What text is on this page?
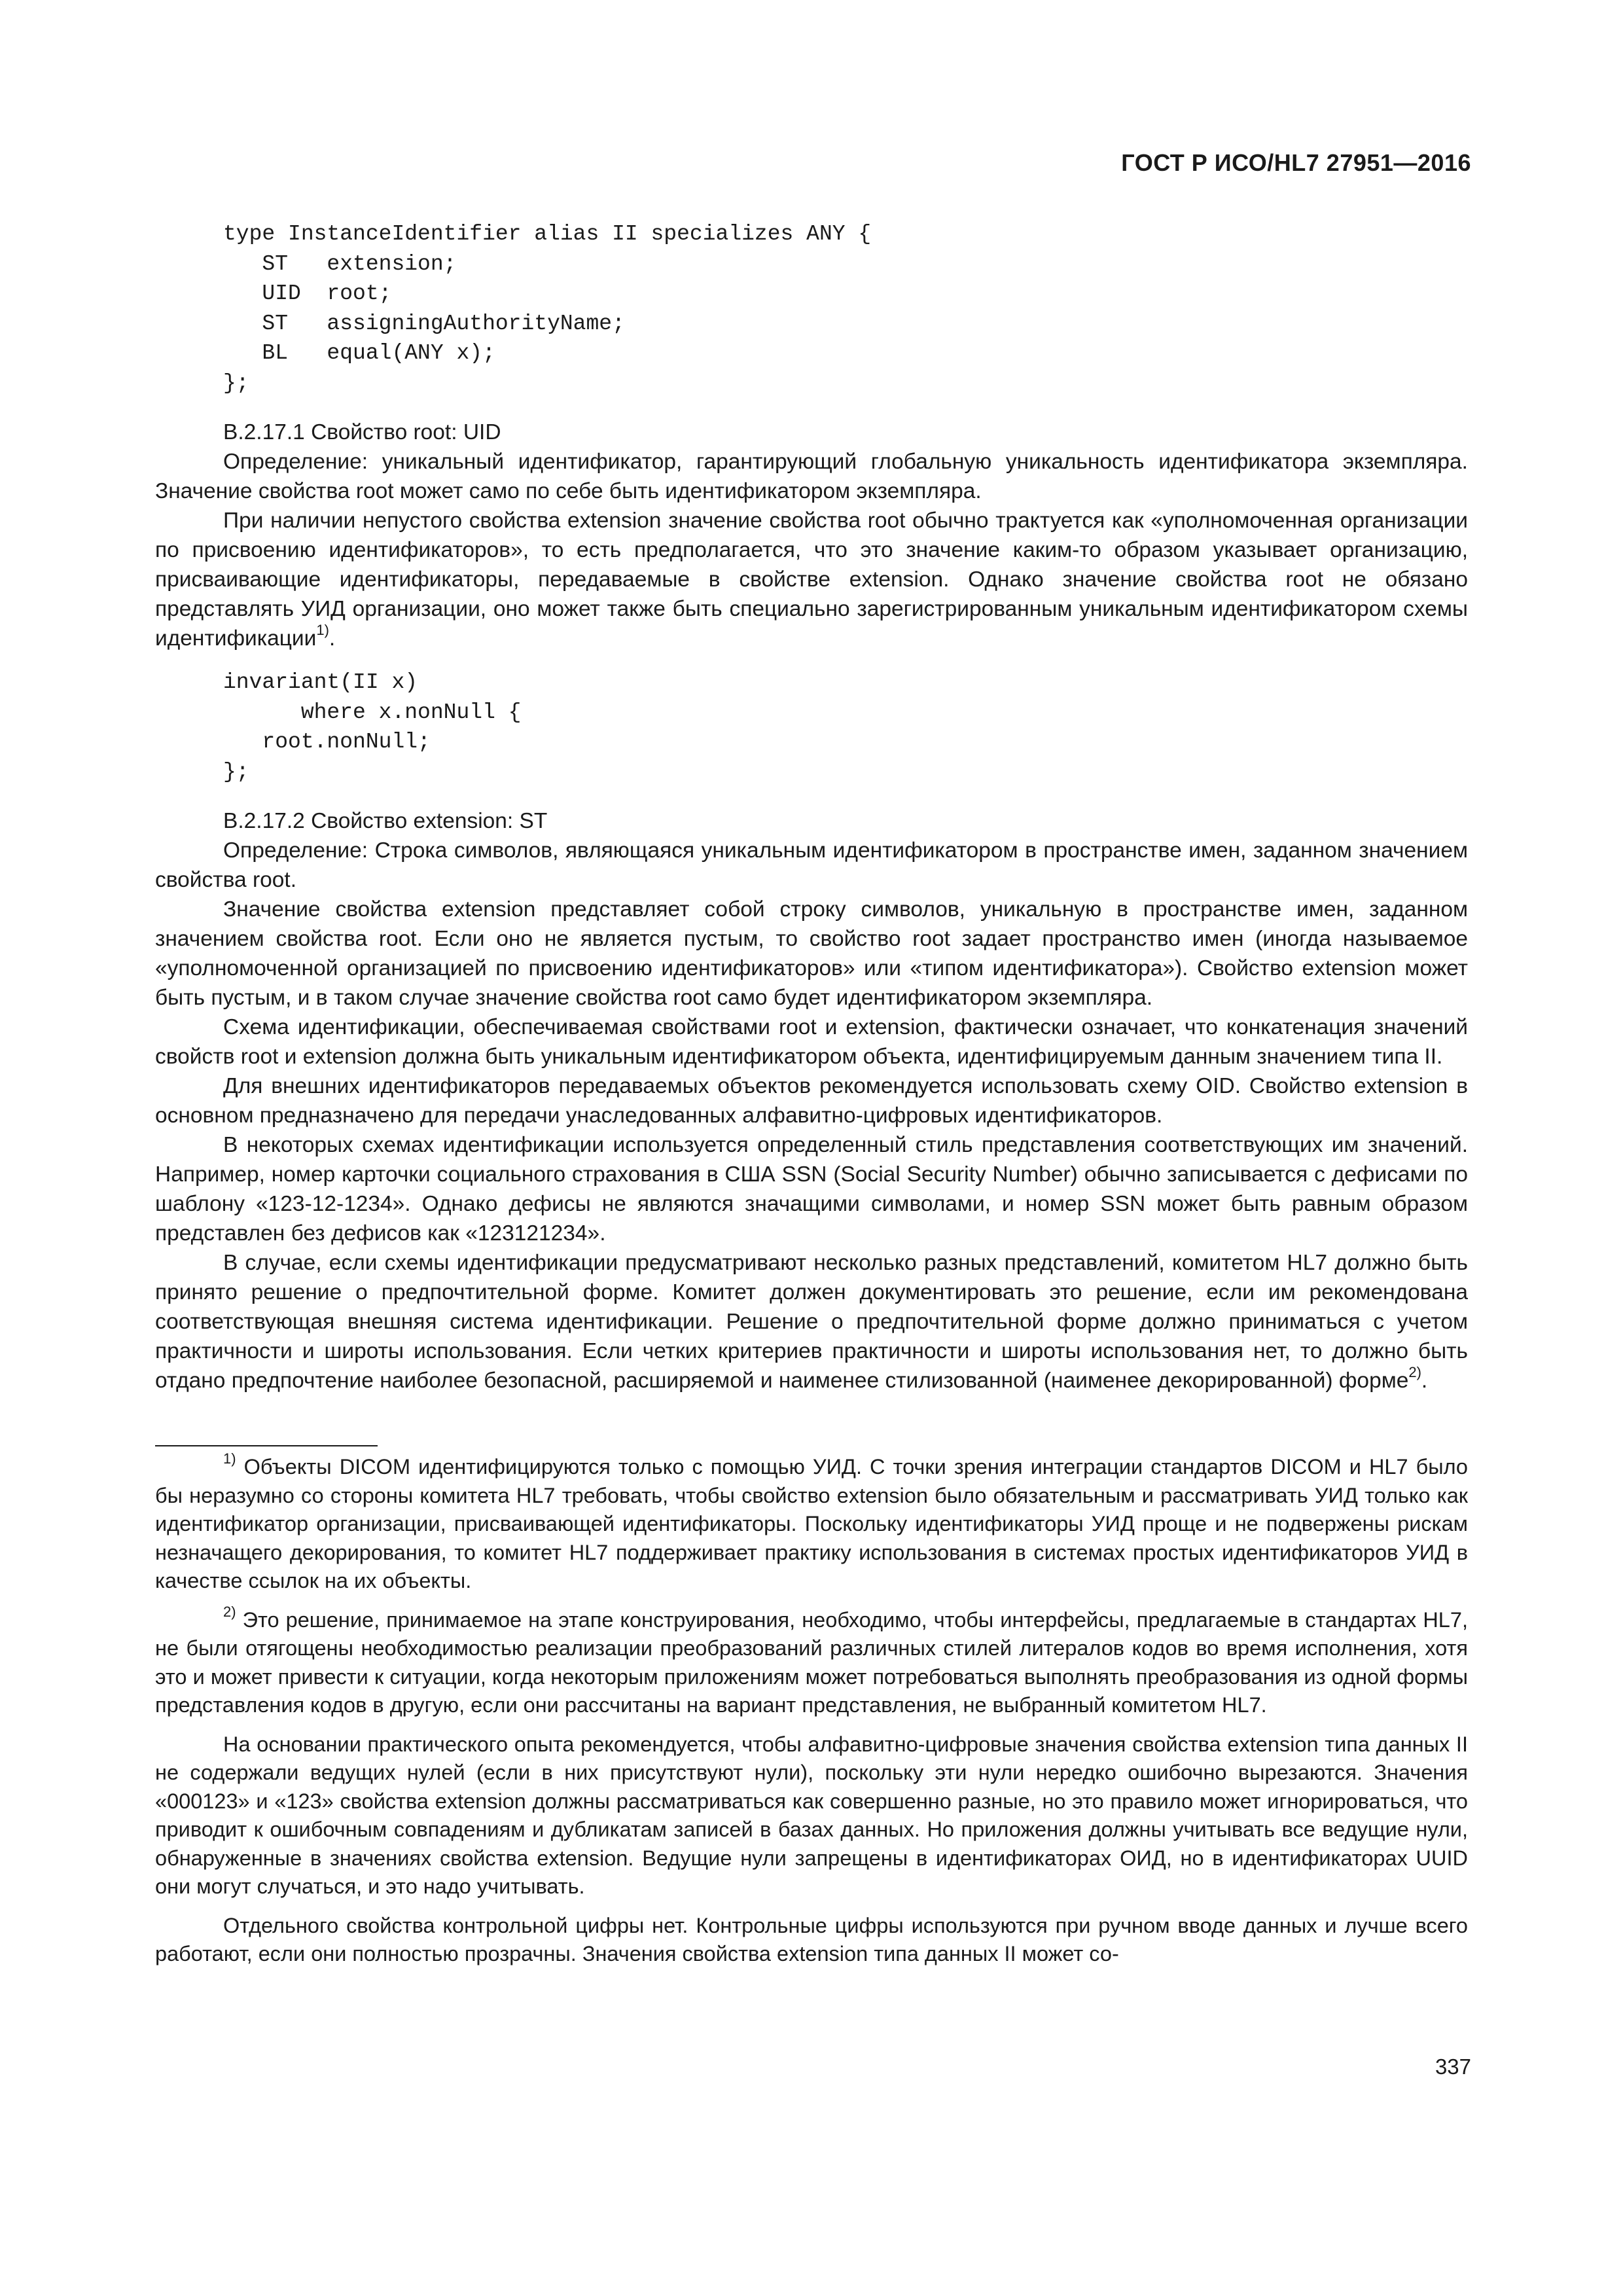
ГОСТ Р ИСО/HL7 27951—2016
type InstanceIdentifier alias II specializes ANY {
ST   extension;
UID  root;
ST   assigningAuthorityName;
BL   equal(ANY x);
};

B.2.17.1 Свойство root: UID

Определение: уникальный идентификатор, гарантирующий глобальную уникальность идентификатора экземпляра. Значение свойства root может само по себе быть идентификатором экземпляра.

При наличии непустого свойства extension значение свойства root обычно трактуется как «уполномоченная организации по присвоению идентификаторов», то есть предполагается, что это значение каким-то образом указывает организацию, присваивающие идентификаторы, передаваемые в свойстве extension. Однако значение свойства root не обязано представлять УИД организации, оно может также быть специально зарегистрированным уникальным идентификатором схемы идентификации$^{1)}$.

invariant(II x)
where x.nonNull {
root.nonNull;
};

B.2.17.2 Свойство extension: ST

Определение: Строка символов, являющаяся уникальным идентификатором в пространстве имен, заданном значением свойства root.

Значение свойства extension представляет собой строку символов, уникальную в пространстве имен, заданном значением свойства root. Если оно не является пустым, то свойство root задает пространство имен (иногда называемое «уполномоченной организацией по присвоению идентификаторов» или «типом идентификатора»). Свойство extension может быть пустым, и в таком случае значение свойства root само будет идентификатором экземпляра.

Схема идентификации, обеспечиваемая свойствами root и extension, фактически означает, что конкатенация значений свойств root и extension должна быть уникальным идентификатором объекта, идентифицируемым данным значением типа II.

Для внешних идентификаторов передаваемых объектов рекомендуется использовать схему OID. Свойство extension в основном предназначено для передачи унаследованных алфавитно-цифровых идентификаторов.

В некоторых схемах идентификации используется определенный стиль представления соответствующих им значений. Например, номер карточки социального страхования в США SSN (Social Security Number) обычно записывается с дефисами по шаблону «123-12-1234». Однако дефисы не являются значащими символами, и номер SSN может быть равным образом представлен без дефисов как «123121234».

В случае, если схемы идентификации предусматривают несколько разных представлений, комитетом HL7 должно быть принято решение о предпочтительной форме. Комитет должен документировать это решение, если им рекомендована соответствующая внешняя система идентификации. Решение о предпочтительной форме должно приниматься с учетом практичности и широты использования. Если четких критериев практичности и широты использования нет, то должно быть отдано предпочтение наиболее безопасной, расширяемой и наименее стилизованной (наименее декорированной) форме$^{2)}$.

$^{1)}$ Объекты DICOM идентифицируются только с помощью УИД. С точки зрения интеграции стандартов DICOM и HL7 было бы неразумно со стороны комитета HL7 требовать, чтобы свойство extension было обязательным и рассматривать УИД только как идентификатор организации, присваивающей идентификаторы. Поскольку идентификаторы УИД проще и не подвержены рискам незначащего декорирования, то комитет HL7 поддерживает практику использования в системах простых идентификаторов УИД в качестве ссылок на их объекты.

$^{2)}$ Это решение, принимаемое на этапе конструирования, необходимо, чтобы интерфейсы, предлагаемые в стандартах HL7, не были отягощены необходимостью реализации преобразований различных стилей литералов кодов во время исполнения, хотя это и может привести к ситуации, когда некоторым приложениям может потребоваться выполнять преобразования из одной формы представления кодов в другую, если они рассчитаны на вариант представления, не выбранный комитетом HL7.

На основании практического опыта рекомендуется, чтобы алфавитно-цифровые значения свойства extension типа данных II не содержали ведущих нулей (если в них присутствуют нули), поскольку эти нули нередко ошибочно вырезаются. Значения «000123» и «123» свойства extension должны рассматриваться как совершенно разные, но это правило может игнорироваться, что приводит к ошибочным совпадениям и дубликатам записей в базах данных. Но приложения должны учитывать все ведущие нули, обнаруженные в значениях свойства extension. Ведущие нули запрещены в идентификаторах ОИД, но в идентификаторах UUID они могут случаться, и это надо учитывать.

Отдельного свойства контрольной цифры нет. Контрольные цифры используются при ручном вводе данных и лучше всего работают, если они полностью прозрачны. Значения свойства extension типа данных II может со-

337
